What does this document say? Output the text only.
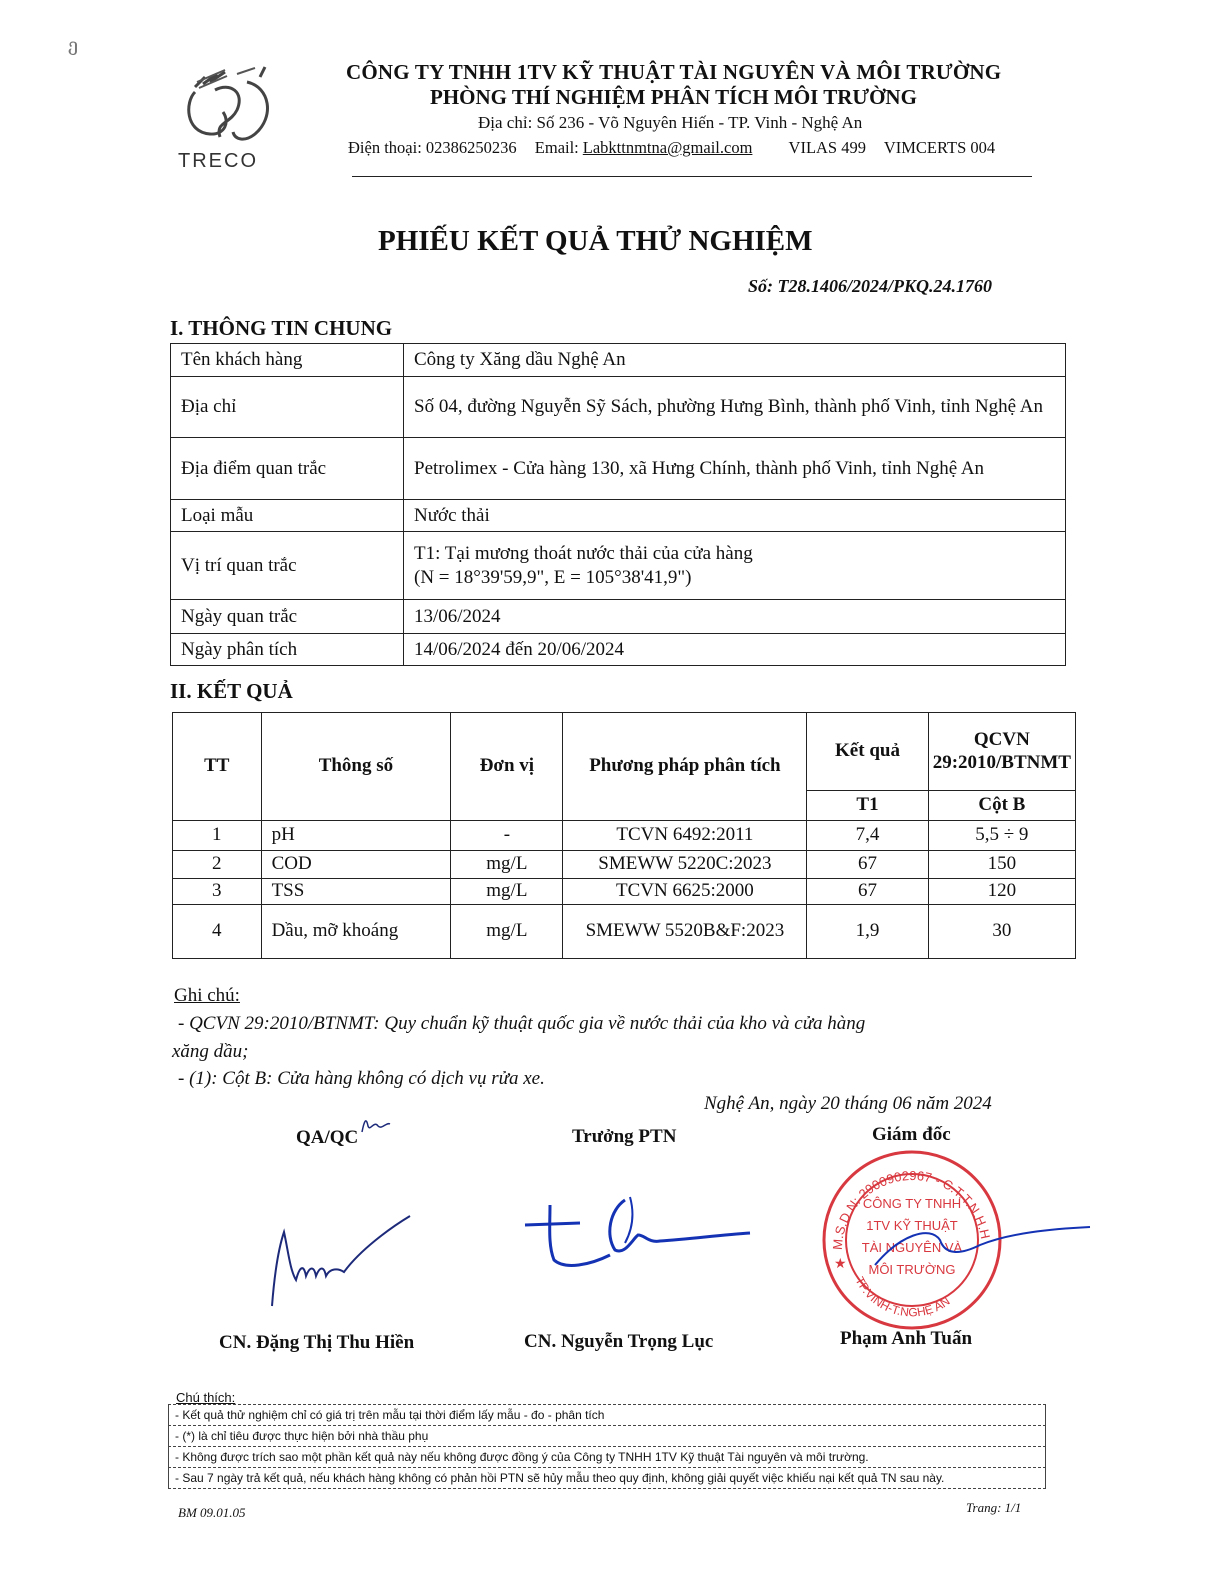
ე
TRECO
CÔNG TY TNHH 1TV KỸ THUẬT TÀI NGUYÊN VÀ MÔI TRƯỜNG
PHÒNG THÍ NGHIỆM PHÂN TÍCH MÔI TRƯỜNG
Địa chỉ: Số 236 - Võ Nguyên Hiến - TP. Vinh - Nghệ An
Điện thoại: 02386250236 Email: Labkttnmtna@gmail.com VILAS 499 VIMCERTS 004
PHIẾU KẾT QUẢ THỬ NGHIỆM
Số: T28.1406/2024/PKQ.24.1760
I. THÔNG TIN CHUNG
Tên khách hàng	Công ty Xăng dầu Nghệ An
Địa chỉ	Số 04, đường Nguyễn Sỹ Sách, phường Hưng Bình, thành phố Vinh, tỉnh Nghệ An
Địa điểm quan trắc	Petrolimex - Cửa hàng 130, xã Hưng Chính, thành phố Vinh, tỉnh Nghệ An
Loại mẫu	Nước thải
Vị trí quan trắc	T1: Tại mương thoát nước thải của cửa hàng
(N = 18°39'59,9", E = 105°38'41,9")

Ngày quan trắc	13/06/2024
Ngày phân tích	14/06/2024 đến 20/06/2024
II. KẾT QUẢ
TT	Thông số	Đơn vị	Phương pháp phân tích	Kết quả	QCVN 29:2010/BTNMT
				T1	Cột B
1	pH	-	TCVN 6492:2011	7,4	5,5 ÷ 9
2	COD	mg/L	SMEWW 5220C:2023	67	150
3	TSS	mg/L	TCVN 6625:2000	67	120
4	Dầu, mỡ khoáng	mg/L	SMEWW 5520B&F:2023	1,9	30
Ghi chú:
- QCVN 29:2010/BTNMT: Quy chuẩn kỹ thuật quốc gia về nước thải của kho và cửa hàng
xăng dầu;
- (1): Cột B: Cửa hàng không có dịch vụ rửa xe.
Nghệ An, ngày 20 tháng 06 năm 2024
QA/QC	Trưởng PTN	Giám đốc
M.S.D.N: 2900902967 - C.T.T.N.H.H
TP.VINH-T.NGHỆ AN
CÔNG TY TNHH
1TV KỸ THUẬT
TÀI NGUYÊN VÀ
MÔI TRƯỜNG
★
CN. Đặng Thị Thu Hiền	CN. Nguyễn Trọng Lục	Phạm Anh Tuấn
Chú thích:
- Kết quả thử nghiệm chỉ có giá trị trên mẫu tại thời điểm lấy mẫu - đo - phân tích
- (*) là chỉ tiêu được thực hiện bởi nhà thầu phụ
- Không được trích sao một phần kết quả này nếu không được đồng ý của Công ty TNHH 1TV Kỹ thuật Tài nguyên và môi trường.
- Sau 7 ngày trả kết quả, nếu khách hàng không có phản hồi PTN sẽ hủy mẫu theo quy định, không giải quyết việc khiếu nại kết quả TN sau này.
BM 09.01.05	Trang: 1/1
